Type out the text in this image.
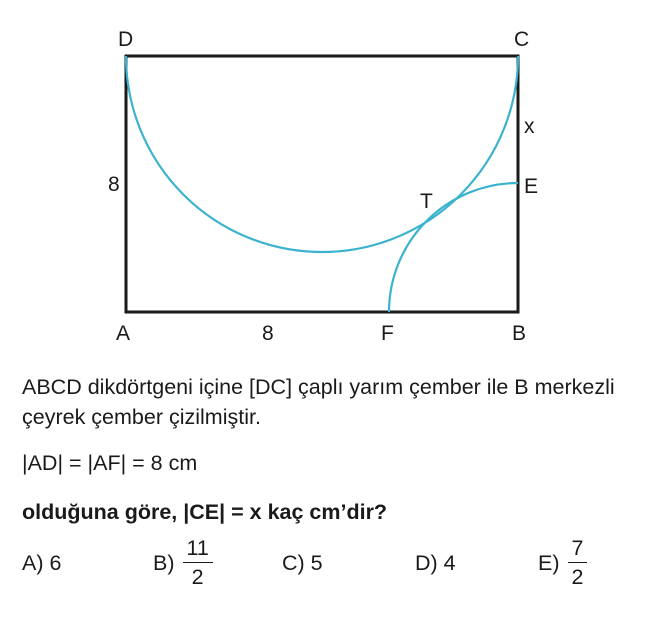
D	C
x
E
8
T
A	8	F	B
ABCD dikdörtgeni içine [DC] çaplı yarım çember ile B merkezli çeyrek çember çizilmiştir.
|AD| = |AF| = 8 cm
olduğuna göre, |CE| = x kaç cm’dir?
A)
6	$B) \frac{11}{2}$	C)
5	D)
4	$E) \frac{7}{2}$
